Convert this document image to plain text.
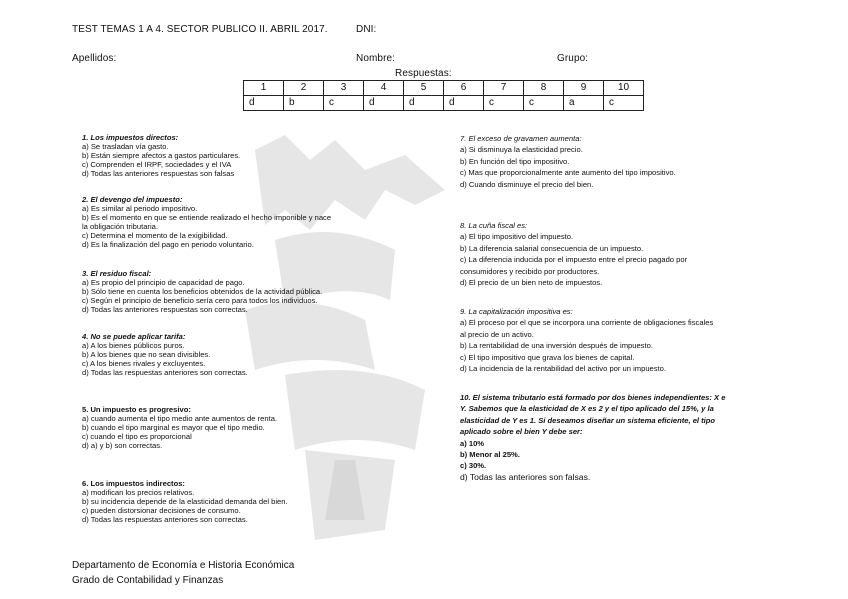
TEST TEMAS 1 A 4. SECTOR PUBLICO II. ABRIL 2017.	DNI:
Apellidos:	Nombre:	Grupo:
Respuestas:
1	2	3	4	5	6	7	8	9	10
d	b	c	d	d	d	c	c	a	c
1. Los impuestos directos:
a) Se trasladan vía gasto.
b) Están siempre afectos a gastos particulares.
c) Comprenden el IRPF, sociedades y el IVA
d) Todas las anteriores respuestas son falsas
2. El devengo del impuesto:
a) Es similar al periodo impositivo.
b) Es el momento en que se entiende realizado el hecho imponible y nace
la obligación tributaria.
c) Determina el momento de la exigibilidad.
d) Es la finalización del pago en periodo voluntario.
3. El residuo fiscal:
a) Es propio del principio de capacidad de pago.
b) Sólo tiene en cuenta los beneficios obtenidos de la actividad pública.
c) Según el principio de beneficio sería cero para todos los individuos.
d) Todas las anteriores respuestas son correctas.
4. No se puede aplicar tarifa:
a) A los bienes públicos puros.
b) A los bienes que no sean divisibles.
c) A los bienes rivales y excluyentes.
d) Todas las respuestas anteriores son correctas.
5. Un impuesto es progresivo:
a) cuando aumenta el tipo medio ante aumentos de renta.
b) cuando el tipo marginal es mayor que el tipo medio.
c) cuando el tipo es proporcional
d) a) y b) son correctas.
6. Los impuestos indirectos:
a) modifican los precios relativos.
b) su incidencia depende de la elasticidad demanda del bien.
c) pueden distorsionar decisiones de consumo.
d) Todas las respuestas anteriores son correctas.
7. El exceso de gravamen aumenta:
a) Si disminuya la elasticidad precio.
b) En función del tipo impositivo.
c) Mas que proporcionalmente ante aumento del tipo impositivo.
d) Cuando disminuye el precio del bien.
8. La cuña fiscal es:
a) El tipo impositivo del impuesto.
b) La diferencia salarial consecuencia de un impuesto.
c) La diferencia inducida por el impuesto entre el precio pagado por
consumidores y recibido por productores.
d) El precio de un bien neto de impuestos.
9. La capitalización impositiva es:
a) El proceso por el que se incorpora una corriente de obligaciones fiscales
al precio de un activo.
b) La rentabilidad de una inversión después de impuesto.
c) El tipo impositivo que grava los bienes de capital.
d) La incidencia de la rentabilidad del activo por un impuesto.
10. El sistema tributario está formado por dos bienes independientes: X e
Y. Sabemos que la elasticidad de X es 2 y el tipo aplicado del 15%, y la
elasticidad de Y es 1. Si deseamos diseñar un sistema eficiente, el tipo
aplicado sobre el bien Y debe ser:
a) 10%
b) Menor al 25%.
c) 30%.
d) Todas las anteriores son falsas.
Departamento de Economía e Historia Económica
Grado de Contabilidad y Finanzas
